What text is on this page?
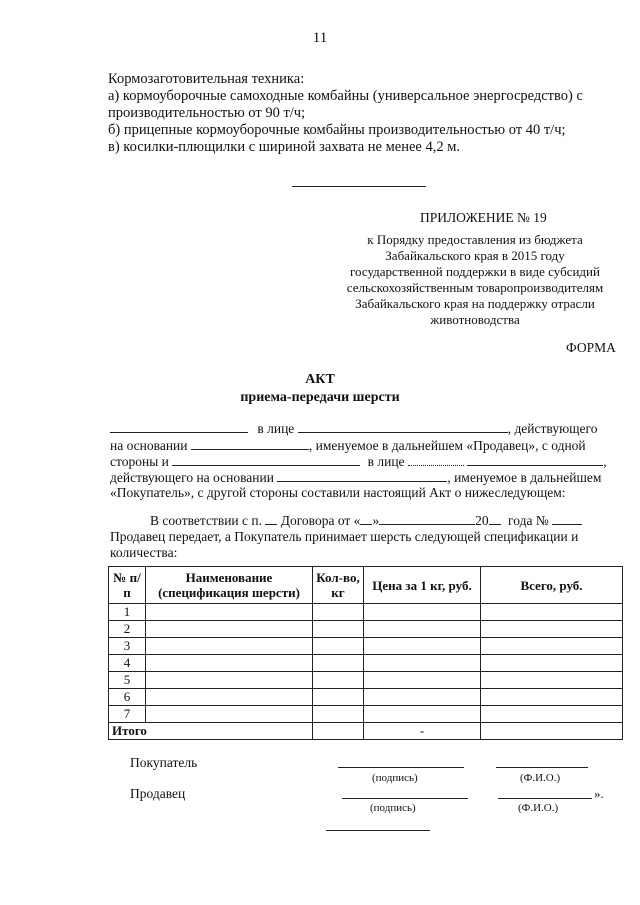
11
Кормозаготовительная техника:
а) кормоуборочные самоходные комбайны (универсальное энергосредство) с
производительностью от 90 т/ч;
б) прицепные кормоуборочные комбайны производительностью от 40 т/ч;
в) косилки-плющилки с шириной захвата не менее 4,2 м.
ПРИЛОЖЕНИЕ № 19
к Порядку предоставления из бюджета
Забайкальского края в 2015 году
государственной поддержки в виде субсидий
сельскохозяйственным товаропроизводителям
Забайкальского края на поддержку отрасли
животноводства
ФОРМА
АКТ
приема-передачи шерсти
в лице	, действующего
на основании	, именуемое в дальнейшем «Продавец», с одной
стороны и	в лице	,
действующего на основании	, именуемое в дальнейшем
«Покупатель», с другой стороны составили настоящий Акт о нижеследующем:
В соответствии с п. Договора от « »	20 года №
Продавец передает, а Покупатель принимает шерсть следующей спецификации и
количества:
№ п/п	Наименование (спецификация шерсти)	Кол-во, кг	Цена за 1 кг, руб.	Всего, руб.
1				
2				
3				
4				
5				
6				
7				
Итого			-	
Покупатель
(подпись)	(Ф.И.О.)
Продавец	».
(подпись)	(Ф.И.О.)
